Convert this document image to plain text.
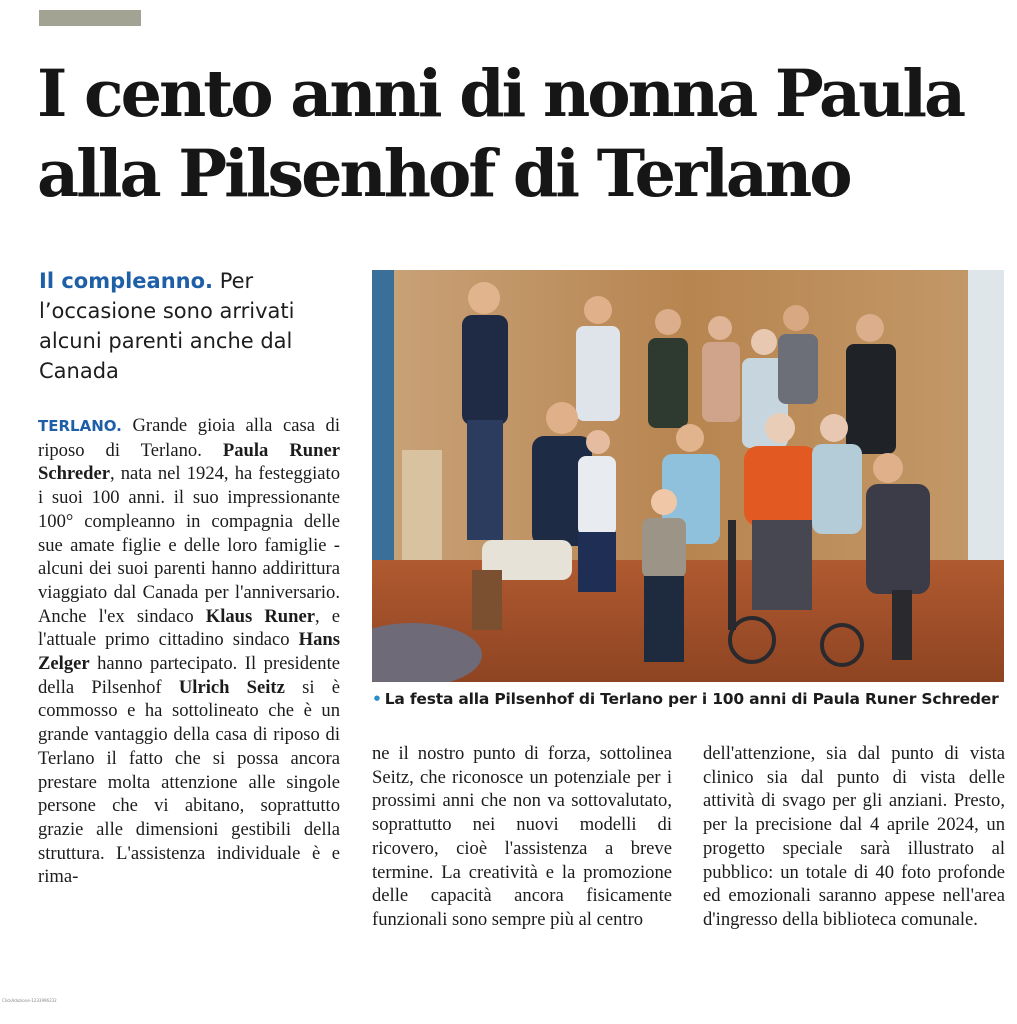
I cento anni di nonna Paula
alla Pilsenhof di Terlano
Il compleanno. Per l’occasione sono arrivati alcuni parenti anche dal Canada
• La festa alla Pilsenhof di Terlano per i 100 anni di Paula Runer Schreder

TERLANO. Grande gioia alla casa di riposo di Terlano. Paula Runer Schreder, nata nel 1924, ha festeggiato i suoi 100 anni. il suo impressionante 100° compleanno in compagnia delle sue amate figlie e delle loro famiglie - alcuni dei suoi parenti hanno addirittura viaggiato dal Canada per l'anniversario. Anche l'ex sindaco Klaus Runer, e l'attuale primo cittadino sindaco Hans Zelger hanno partecipato. Il presidente della Pilsenhof Ulrich Seitz si è commosso e ha sottolineato che è un grande vantaggio della casa di riposo di Terlano il fatto che si possa ancora prestare molta attenzione alle singole persone che vi abitano, soprattutto grazie alle dimensioni gestibili della struttura. L'assistenza individuale è e rima-

ne il nostro punto di forza, sottolinea Seitz, che riconosce un potenziale per i prossimi anni che non va sottovalutato, soprattutto nei nuovi modelli di ricovero, cioè l'assistenza a breve termine. La creatività e la promozione delle capacità ancora fisicamente funzionali sono sempre più al centro

dell'attenzione, sia dal punto di vista clinico sia dal punto di vista delle attività di svago per gli anziani. Presto, per la precisione dal 4 aprile 2024, un progetto speciale sarà illustrato al pubblico: un totale di 40 foto profonde ed emozionali saranno appese nell'area d'ingresso della biblioteca comunale.

ClickAdozione-1233996232
